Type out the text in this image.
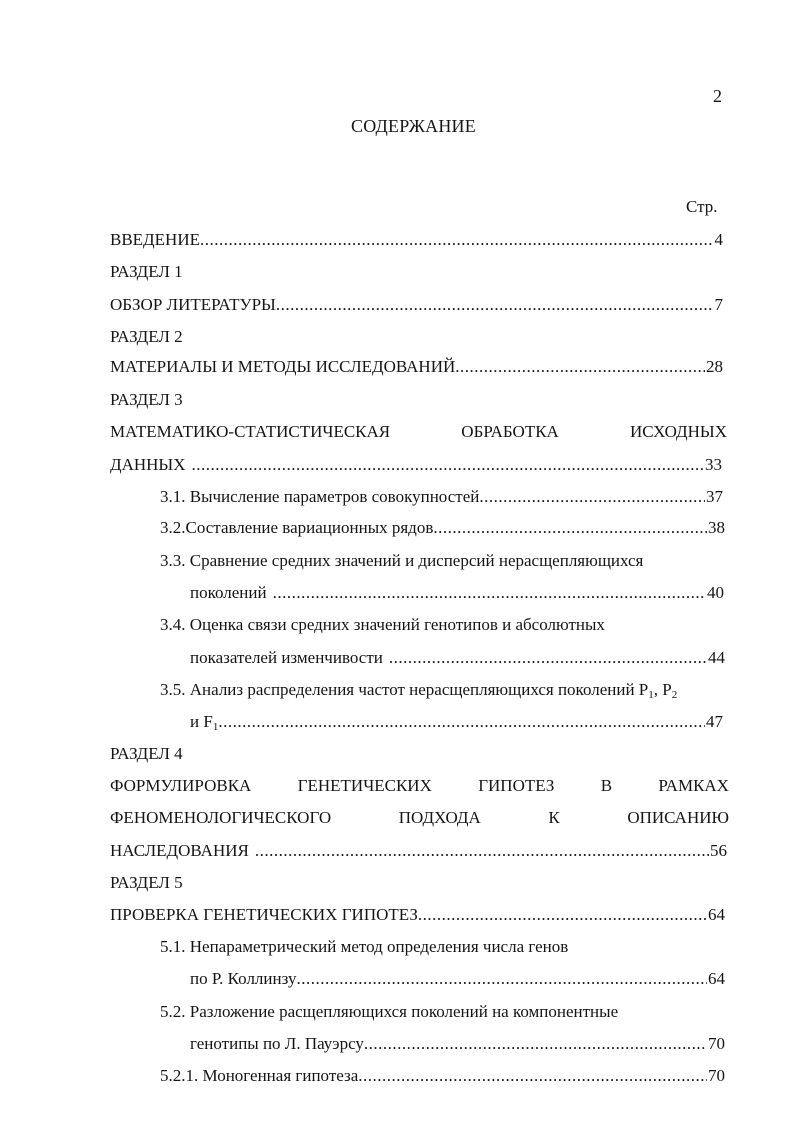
2
СОДЕРЖАНИЕ
Стр.
ВВЕДЕНИЕ .....	4
РАЗДЕЛ 1
ОБЗОР ЛИТЕРАТУРЫ .....	7
РАЗДЕЛ 2
МАТЕРИАЛЫ И МЕТОДЫ ИССЛЕДОВАНИЙ .....	28
РАЗДЕЛ 3
МАТЕМАТИКО-СТАТИСТИЧЕСКАЯ	ОБРАБОТКА	ИСХОДНЫХ
ДАННЫХ .....	33
3.1. Вычисление параметров совокупностей .....	37
3.2.Составление вариационных рядов .....	38
3.3. Сравнение средних значений и дисперсий нерасщепляющихся
поколений .....	40
3.4. Оценка связи средних значений генотипов и абсолютных
показателей изменчивости .....	44
3.5. Анализ распределения частот нерасщепляющихся поколений $P_1$, $P_2$
и $F_1$ .....	47
РАЗДЕЛ 4
ФОРМУЛИРОВКА	ГЕНЕТИЧЕСКИХ	ГИПОТЕЗ	В	РАМКАХ
ФЕНОМЕНОЛОГИЧЕСКОГО	ПОДХОДА	К	ОПИСАНИЮ
НАСЛЕДОВАНИЯ .....	56
РАЗДЕЛ 5
ПРОВЕРКА ГЕНЕТИЧЕСКИХ ГИПОТЕЗ .....	64
5.1. Непараметрический метод определения числа генов
по Р. Коллинзу .....	64
5.2. Разложение расщепляющихся поколений на компонентные
генотипы по Л. Пауэрсу .....	70
5.2.1. Моногенная гипотеза .....	70
